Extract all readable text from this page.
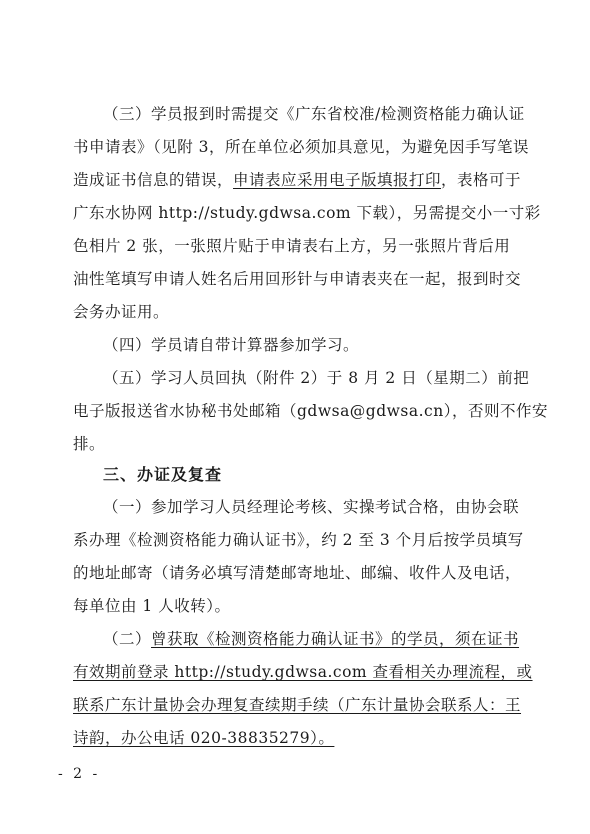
（三）学员报到时需提交《广东省校准/检测资格能力确认证
书申请表》（见附 3，所在单位必须加具意见，为避免因手写笔误
造成证书信息的错误，申请表应采用电子版填报打印，表格可于
广东水协网 http://study.gdwsa.com 下载），另需提交小一寸彩
色相片 2 张，一张照片贴于申请表右上方，另一张照片背后用
油性笔填写申请人姓名后用回形针与申请表夹在一起，报到时交
会务办证用。
（四）学员请自带计算器参加学习。
（五）学习人员回执（附件 2）于 8 月 2 日（星期二）前把
电子版报送省水协秘书处邮箱（gdwsa@gdwsa.cn），否则不作安
排。
三、办证及复查
（一）参加学习人员经理论考核、实操考试合格，由协会联
系办理《检测资格能力确认证书》，约 2 至 3 个月后按学员填写
的地址邮寄（请务必填写清楚邮寄地址、邮编、收件人及电话，
每单位由 1 人收转）。
（二）曾获取《检测资格能力确认证书》的学员，须在证书
有效期前登录 http://study.gdwsa.com 查看相关办理流程，或
联系广东计量协会办理复查续期手续（广东计量协会联系人：王
诗韵，办公电话 020-38835279）。
- 2 -
